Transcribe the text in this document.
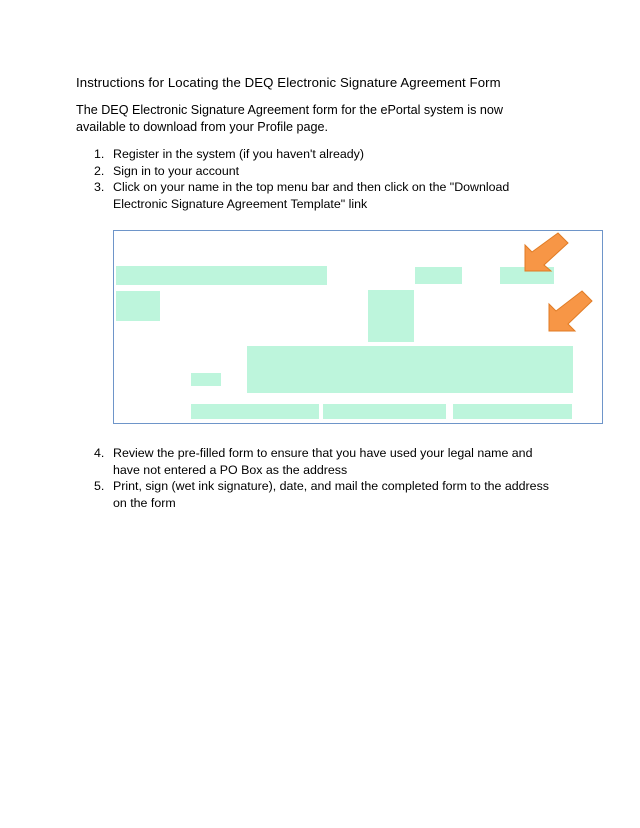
Instructions for Locating the DEQ Electronic Signature Agreement Form

The DEQ Electronic Signature Agreement form for the ePortal system is now available to download from your Profile page.

1. Register in the system (if you haven't already)
2. Sign in to your account
3. Click on your name in the top menu bar and then click on the "Download Electronic Signature Agreement Template" link
4. Review the pre-filled form to ensure that you have used your legal name and have not entered a PO Box as the address
5. Print, sign (wet ink signature), date, and mail the completed form to the address on the form
